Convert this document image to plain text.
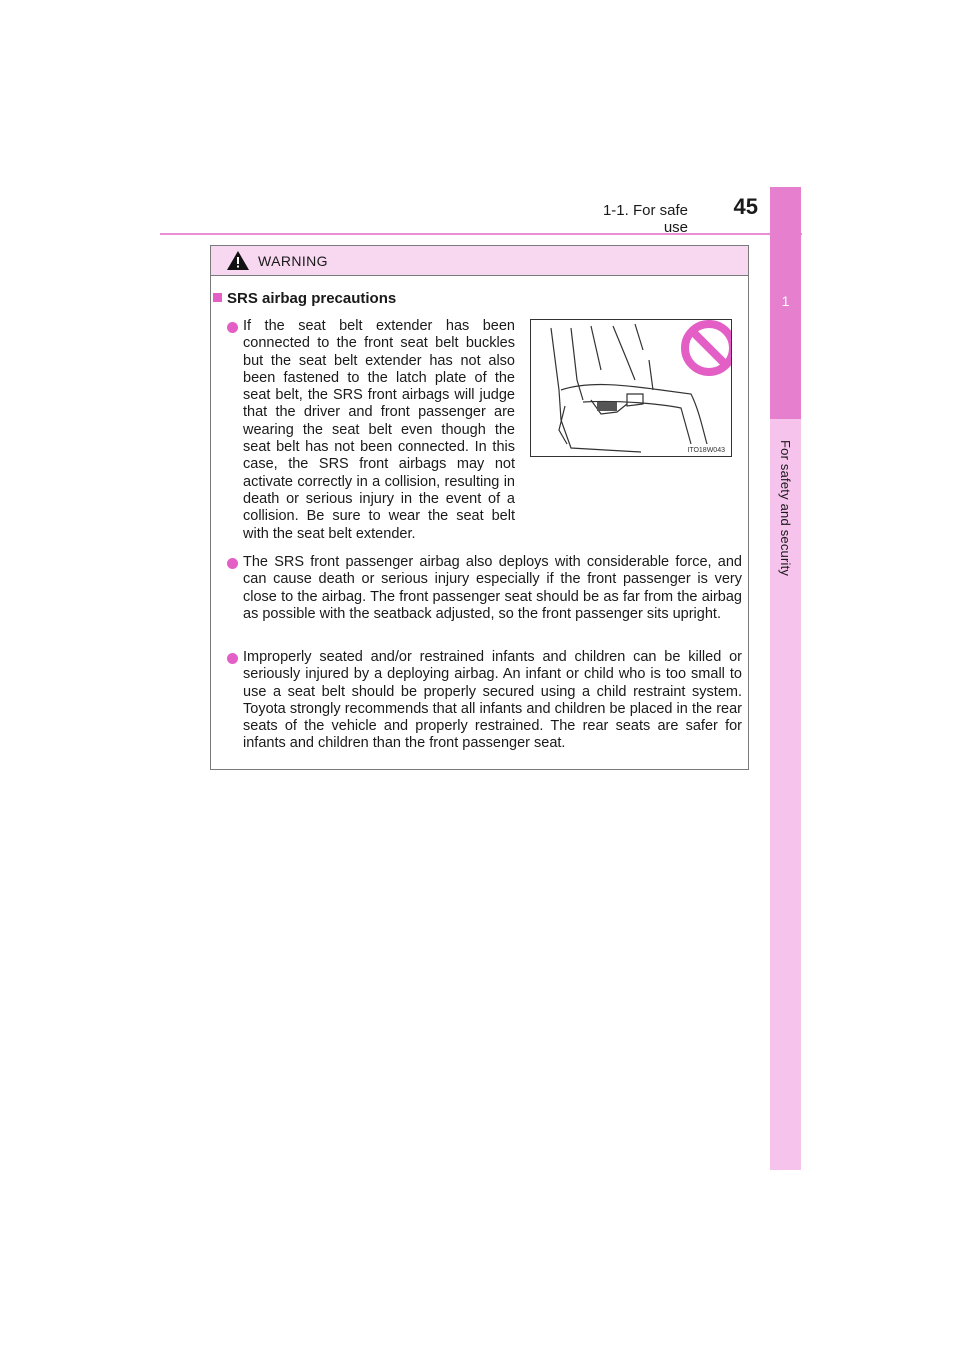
1-1. For safe use
45
1
For safety and security
WARNING
SRS airbag precautions
If the seat belt extender has been connected to the front seat belt buckles but the seat belt extender has not also been fastened to the latch plate of the seat belt, the SRS front airbags will judge that the driver and front passenger are wearing the seat belt even though the seat belt has not been connected. In this case, the SRS front airbags may not activate correctly in a collision, resulting in death or serious injury in the event of a collision. Be sure to wear the seat belt with the seat belt extender.
ITO18W043
The SRS front passenger airbag also deploys with considerable force, and can cause death or serious injury especially if the front passenger is very close to the airbag. The front passenger seat should be as far from the airbag as possible with the seatback adjusted, so the front passenger sits upright.
Improperly seated and/or restrained infants and children can be killed or seriously injured by a deploying airbag. An infant or child who is too small to use a seat belt should be properly secured using a child restraint system. Toyota strongly recommends that all infants and children be placed in the rear seats of the vehicle and properly restrained. The rear seats are safer for infants and children than the front passenger seat.
